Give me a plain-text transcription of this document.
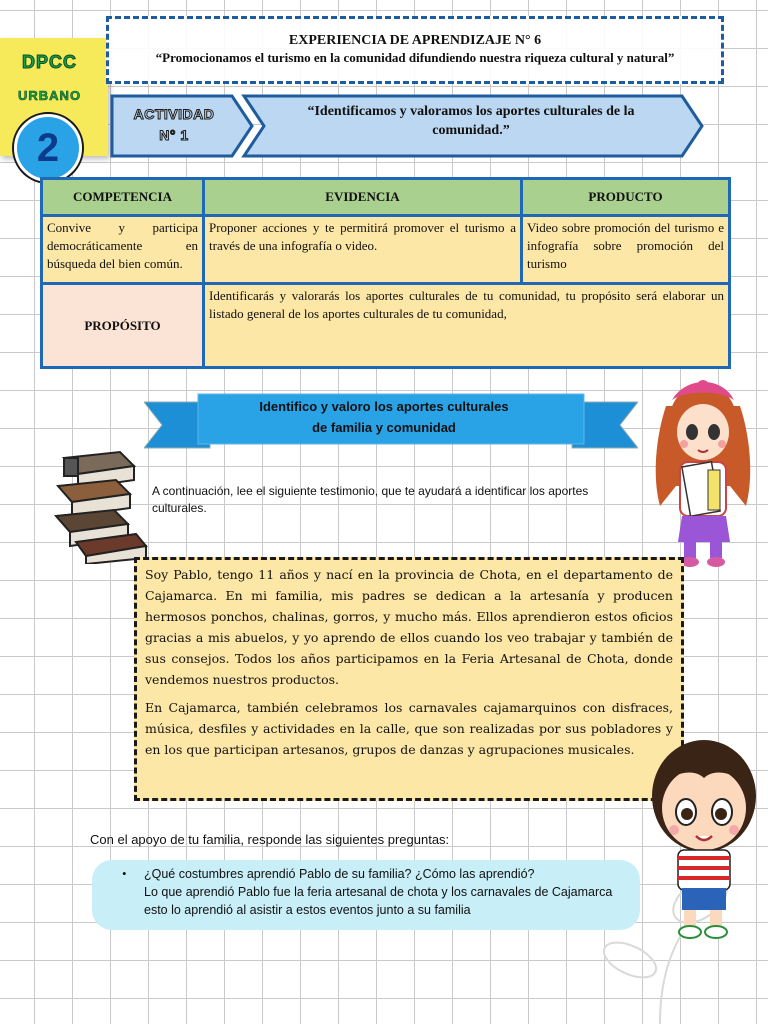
DPCC
URBANO
2
EXPERIENCIA DE APRENDIZAJE N° 6
“Promocionamos el turismo en la comunidad difundiendo nuestra riqueza cultural y natural”
ACTIVIDAD
N° 1
“Identificamos y valoramos los aportes culturales de la comunidad.”
COMPETENCIA	EVIDENCIA	PRODUCTO
Convive y participa democráticamente en búsqueda del bien común.	Proponer acciones y te permitirá promover el turismo a través de una infografía o video.	Video sobre promoción del turismo e infografía sobre promoción del turismo
PROPÓSITO	Identificarás y valorarás los aportes culturales de tu comunidad, tu propósito será elaborar un listado general de los aportes culturales de tu comunidad,	
Identifico y valoro los aportes culturales
de familia y comunidad
A continuación, lee el siguiente testimonio, que te ayudará a identificar los aportes culturales.

Soy Pablo, tengo 11 años y nací en la provincia de Chota, en el departamento de Cajamarca. En mi familia, mis padres se dedican a la artesanía y producen hermosos ponchos, chalinas, gorros, y mucho más. Ellos aprendieron estos oficios gracias a mis abuelos, y yo aprendo de ellos cuando los veo trabajar y también de sus consejos. Todos los años participamos en la Feria Artesanal de Chota, donde vendemos nuestros productos.

En Cajamarca, también celebramos los carnavales cajamarquinos con disfraces, música, desfiles y actividades en la calle, que son realizadas por sus pobladores y en los que participan artesanos, grupos de danzas y agrupaciones musicales.

Con el apoyo de tu familia, responde las siguientes preguntas:
• ¿Qué costumbres aprendió Pablo de su familia? ¿Cómo las aprendió?
Lo que aprendió Pablo fue la feria artesanal de chota y los carnavales de Cajamarca esto lo aprendió al asistir a estos eventos junto a su familia
